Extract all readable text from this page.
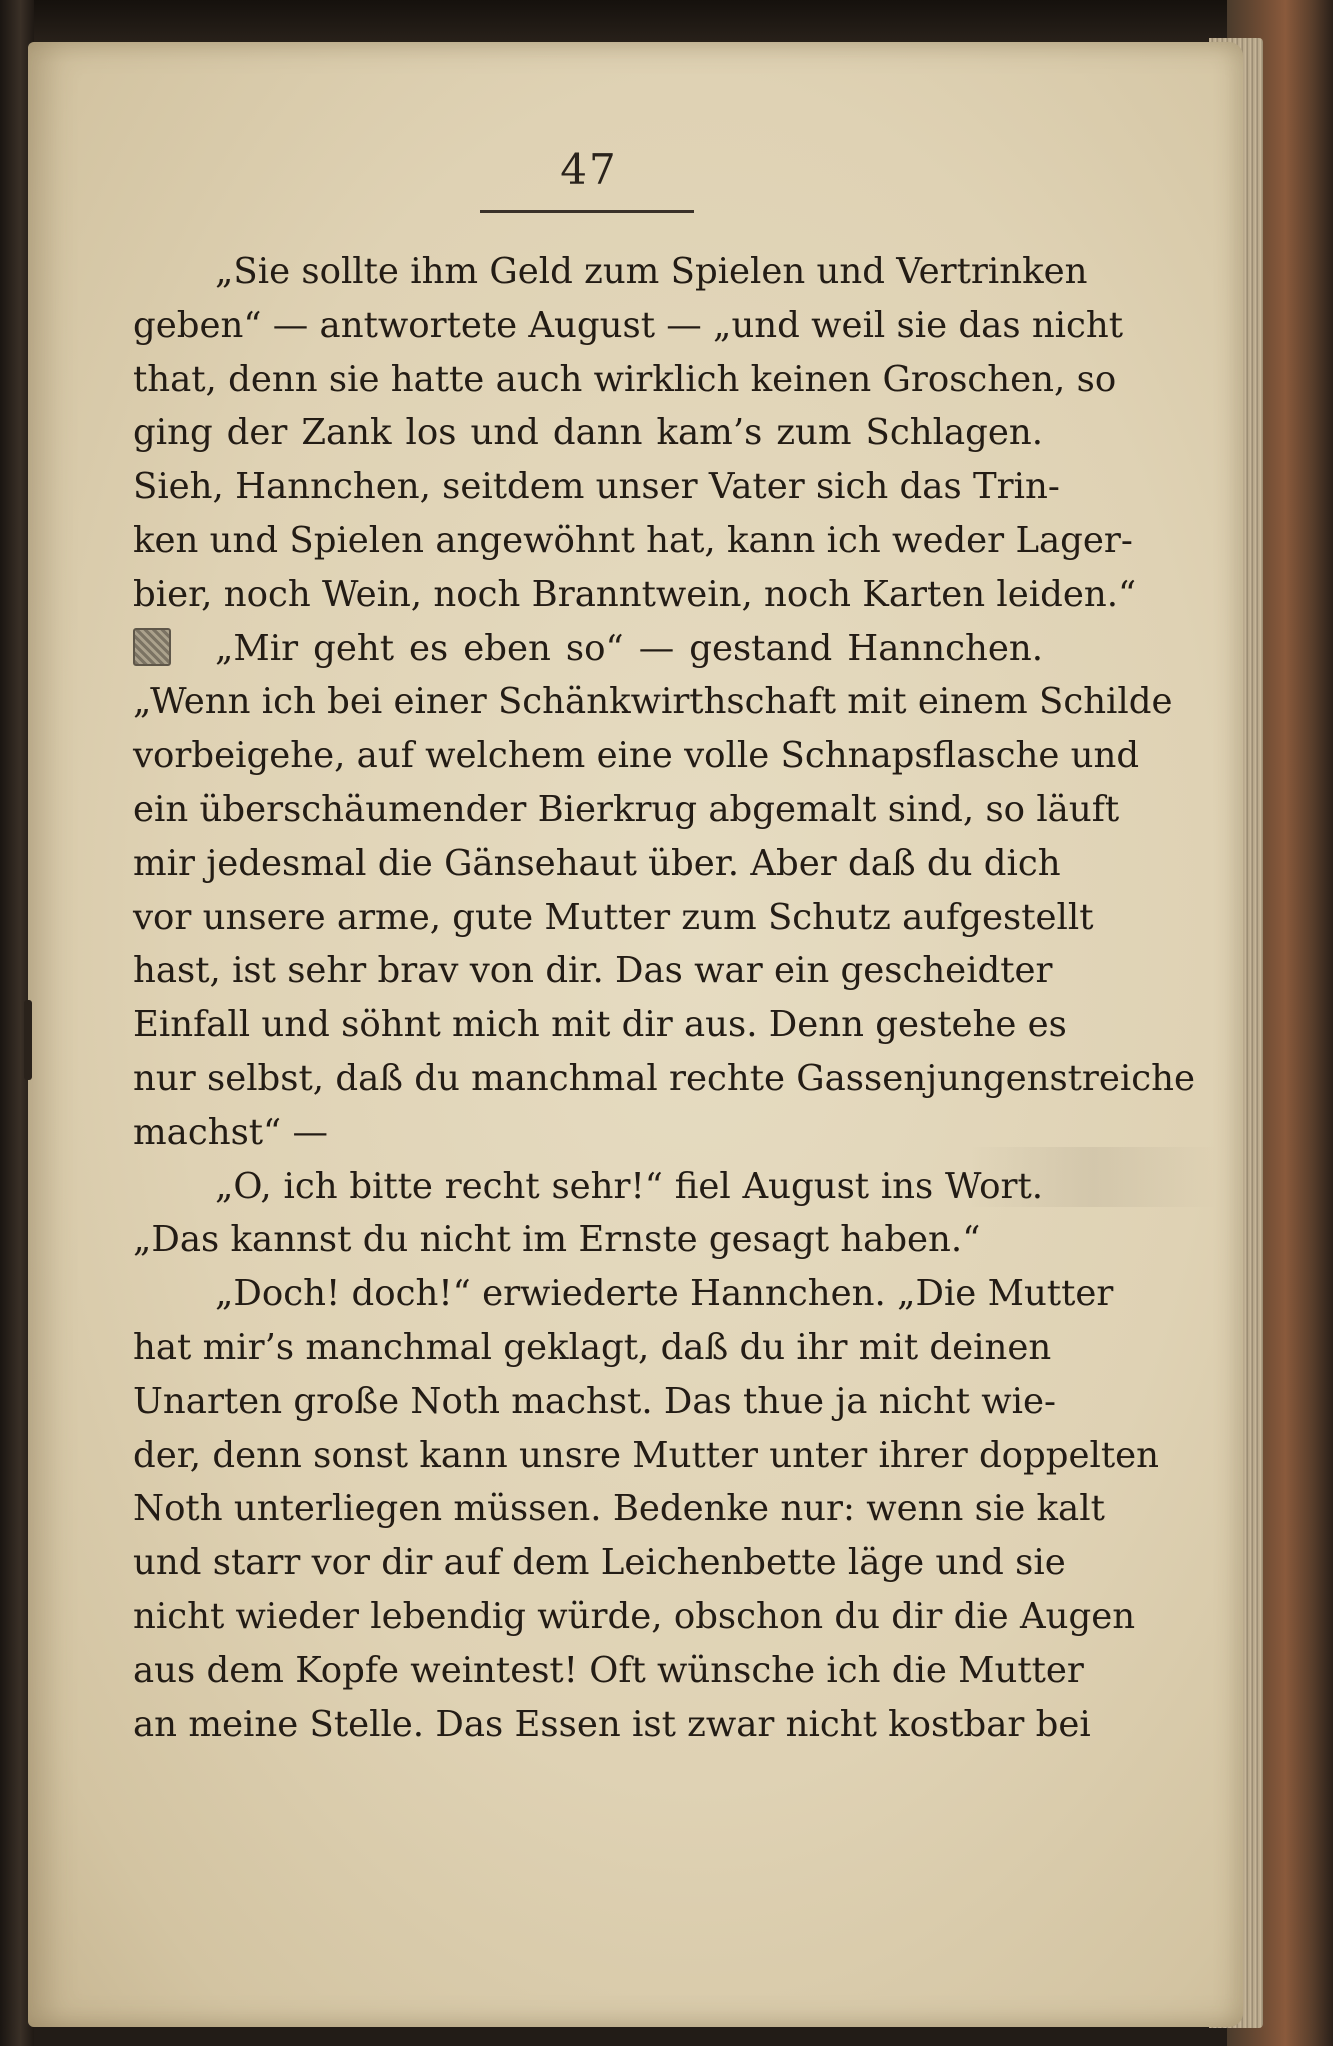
47
„Sie sollte ihm Geld zum Spielen und Vertrinken
geben“ — antwortete August — „und weil sie das nicht
that, denn sie hatte auch wirklich keinen Groschen, so
ging der Zank los und dann kam’s zum Schlagen.
Sieh, Hannchen, seitdem unser Vater sich das Trin-
ken und Spielen angewöhnt hat, kann ich weder Lager-
bier, noch Wein, noch Branntwein, noch Karten leiden.“
„Mir geht es eben so“ — gestand Hannchen.
„Wenn ich bei einer Schänkwirthschaft mit einem Schilde
vorbeigehe, auf welchem eine volle Schnapsflasche und
ein überschäumender Bierkrug abgemalt sind, so läuft
mir jedesmal die Gänsehaut über. Aber daß du dich
vor unsere arme, gute Mutter zum Schutz aufgestellt
hast, ist sehr brav von dir. Das war ein gescheidter
Einfall und söhnt mich mit dir aus. Denn gestehe es
nur selbst, daß du manchmal rechte Gassenjungenstreiche
machst“ —
„O, ich bitte recht sehr!“ fiel August ins Wort.
„Das kannst du nicht im Ernste gesagt haben.“
„Doch! doch!“ erwiederte Hannchen. „Die Mutter
hat mir’s manchmal geklagt, daß du ihr mit deinen
Unarten große Noth machst. Das thue ja nicht wie-
der, denn sonst kann unsre Mutter unter ihrer doppelten
Noth unterliegen müssen. Bedenke nur: wenn sie kalt
und starr vor dir auf dem Leichenbette läge und sie
nicht wieder lebendig würde, obschon du dir die Augen
aus dem Kopfe weintest! Oft wünsche ich die Mutter
an meine Stelle. Das Essen ist zwar nicht kostbar bei
